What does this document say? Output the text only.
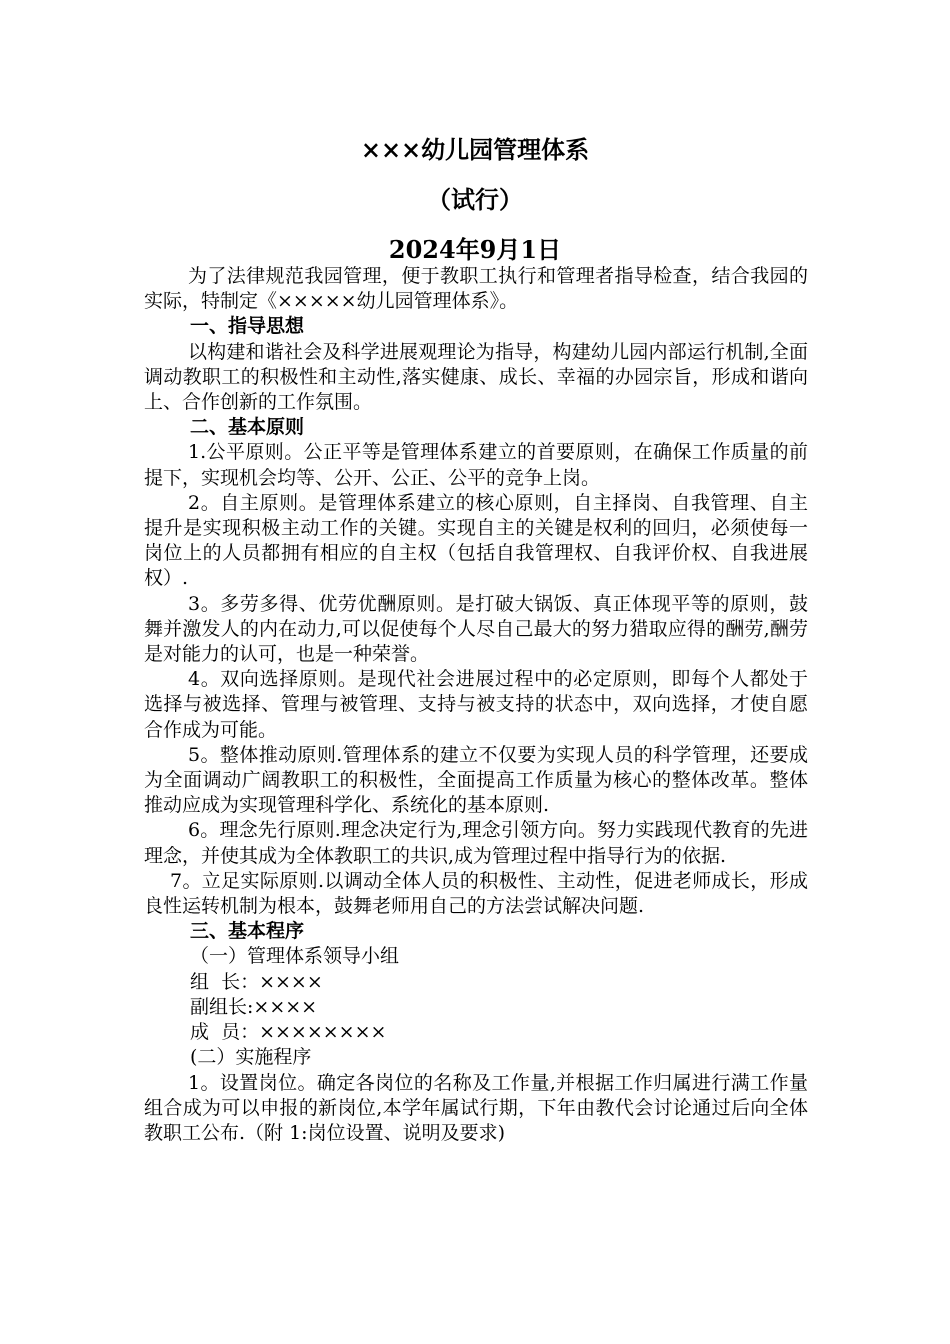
×××幼儿园管理体系
（试行）
2024年9月1日

为了法律规范我园管理，便于教职工执行和管理者指导检查，结合我园的实际，特制定《×××××幼儿园管理体系》。

一、指导思想

以构建和谐社会及科学进展观理论为指导，构建幼儿园内部运行机制,全面调动教职工的积极性和主动性,落实健康、成长、幸福的办园宗旨，形成和谐向上、合作创新的工作氛围。

二、基本原则

1.公平原则。公正平等是管理体系建立的首要原则，在确保工作质量的前提下，实现机会均等、公开、公正、公平的竞争上岗。

2。自主原则。是管理体系建立的核心原则，自主择岗、自我管理、自主提升是实现积极主动工作的关键。实现自主的关键是权利的回归，必须使每一岗位上的人员都拥有相应的自主权（包括自我管理权、自我评价权、自我进展权）.

3。多劳多得、优劳优酬原则。是打破大锅饭、真正体现平等的原则，鼓舞并激发人的内在动力,可以促使每个人尽自己最大的努力猎取应得的酬劳,酬劳是对能力的认可，也是一种荣誉。

4。双向选择原则。是现代社会进展过程中的必定原则，即每个人都处于选择与被选择、管理与被管理、支持与被支持的状态中，双向选择，才使自愿合作成为可能。

5。整体推动原则.管理体系的建立不仅要为实现人员的科学管理，还要成为全面调动广阔教职工的积极性，全面提高工作质量为核心的整体改革。整体推动应成为实现管理科学化、系统化的基本原则.

6。理念先行原则.理念决定行为,理念引领方向。努力实践现代教育的先进理念，并使其成为全体教职工的共识,成为管理过程中指导行为的依据.

7。立足实际原则.以调动全体人员的积极性、主动性，促进老师成长，形成良性运转机制为根本，鼓舞老师用自己的方法尝试解决问题.

三、基本程序

（一）管理体系领导小组

组  长：××××

副组长:××××

成  员：××××××××

(二）实施程序

1。设置岗位。确定各岗位的名称及工作量,并根据工作归属进行满工作量组合成为可以申报的新岗位,本学年属试行期，下年由教代会讨论通过后向全体教职工公布.（附 1:岗位设置、说明及要求)
